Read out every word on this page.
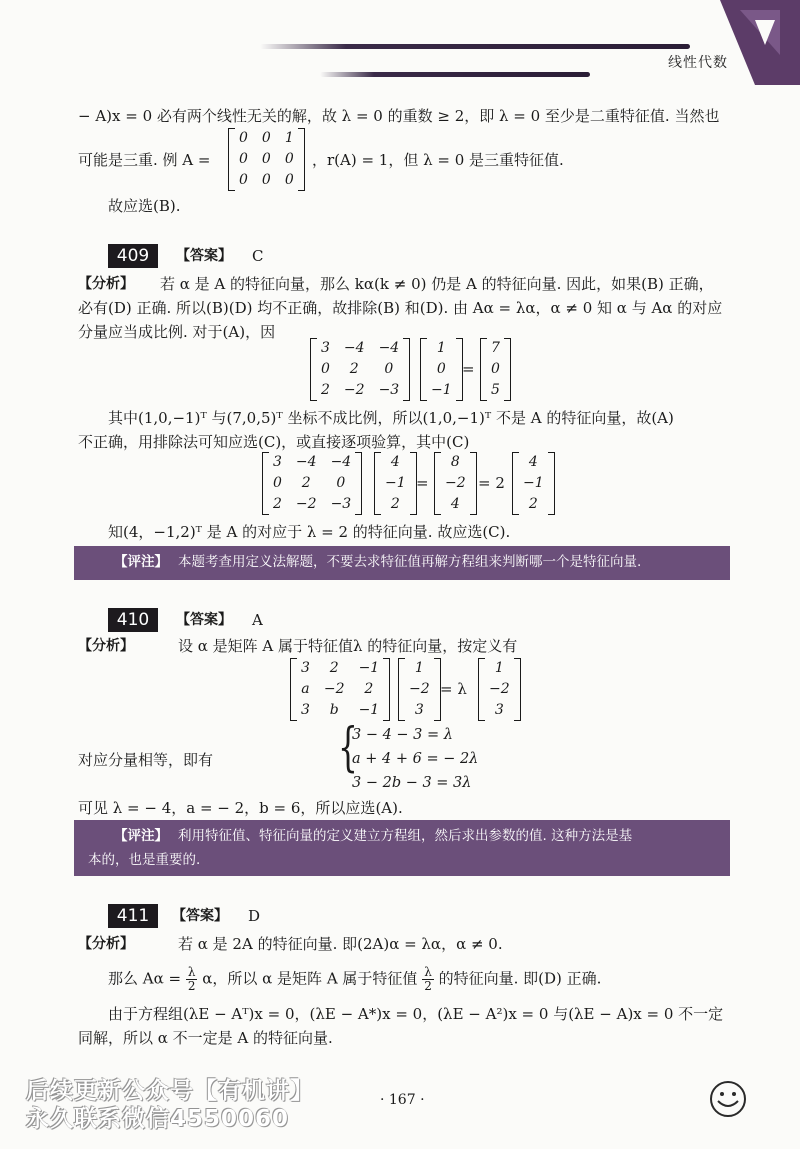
线性代数
− A)x = 0 必有两个线性无关的解，故 λ = 0 的重数 ≥ 2，即 λ = 0 至少是二重特征值. 当然也
可能是三重. 例 A =
0 0 1
0 0 0
0 0 0
，r(A) = 1，但 λ = 0 是三重特征值.
故应选(B).
409	【答案】 C
【分析】 若 α 是 A 的特征向量，那么 kα(k ≠ 0) 仍是 A 的特征向量. 因此，如果(B) 正确，
必有(D) 正确. 所以(B)(D) 均不正确，故排除(B) 和(D). 由 Aα = λα，α ≠ 0 知 α 与 Aα 的对应
分量应当成比例. 对于(A)，因
3 −4 −4
0	2	0
2 −2 −3
1
0
−1
=
7
0
5
其中(1,0,−1)ᵀ 与(7,0,5)ᵀ 坐标不成比例，所以(1,0,−1)ᵀ 不是 A 的特征向量，故(A)
不正确，用排除法可知应选(C)，或直接逐项验算，其中(C)
3 −4 −4
0	2	0
2 −2 −3
4
−1
2
=
8
−2
4
= 2
4
−1
2
知(4，−1,2)ᵀ 是 A 的对应于 λ = 2 的特征向量. 故应选(C).
【评注】 本题考查用定义法解题，不要去求特征值再解方程组来判断哪一个是特征向量.
410	【答案】 A
【分析】	设 α 是矩阵 A 属于特征值λ 的特征向量，按定义有
3	2	−1
a −2	2
3	b	−1
1
−2
3
= λ
1
−2
3
对应分量相等，即有 {
3 − 4 − 3 = λ
a + 4 + 6 = − 2λ
3 − 2b − 3 = 3λ
可见 λ = − 4，a = − 2，b = 6，所以应选(A).
【评注】 利用特征值、特征向量的定义建立方程组，然后求出参数的值. 这种方法是基
本的，也是重要的.
411	【答案】 D
【分析】	若 α 是 2A 的特征向量. 即(2A)α = λα，α ≠ 0.
那么 $A\alpha = \frac{\lambda}{2}$ α，所以 α 是矩阵 A 属于特征值 $\frac{\lambda}{2}$ 的特征向量. 即(D) 正确.
由于方程组(λE − Aᵀ)x = 0，(λE − A*)x = 0，(λE − A²)x = 0 与(λE − A)x = 0 不一定
同解，所以 α 不一定是 A 的特征向量.
· 167 ·
后续更新公众号【有机讲】
永久联系微信4550060
